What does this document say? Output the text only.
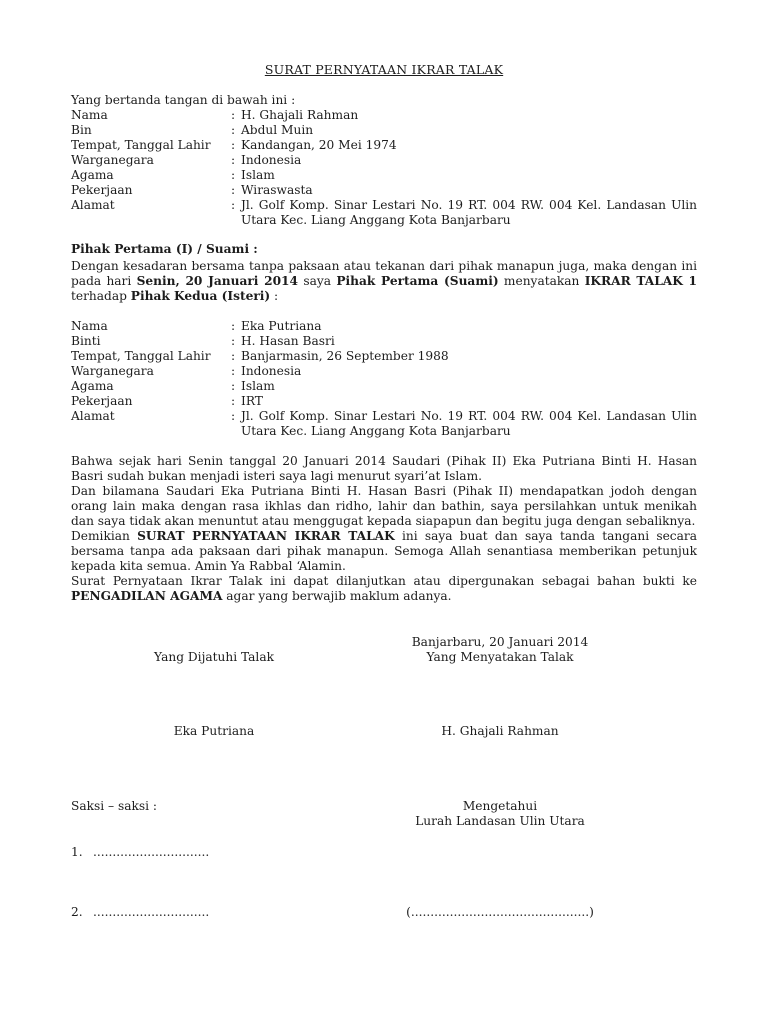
SURAT PERNYATAAN IKRAR TALAK
Yang bertanda tangan di bawah ini :
Nama	: H. Ghajali Rahman
Bin	: Abdul Muin
Tempat, Tanggal Lahir	: Kandangan, 20 Mei 1974
Warganegara	: Indonesia
Agama	: Islam
Pekerjaan	: Wiraswasta
Alamat	: Jl. Golf Komp. Sinar Lestari No. 19 RT. 004 RW. 004 Kel. Landasan Ulin Utara Kec. Liang Anggang Kota Banjarbaru
Pihak Pertama (I) / Suami :
Dengan kesadaran bersama tanpa paksaan atau tekanan dari pihak manapun juga, maka dengan ini pada hari Senin, 20 Januari 2014 saya Pihak Pertama (Suami) menyatakan IKRAR TALAK 1 terhadap Pihak Kedua (Isteri) :
Nama	: Eka Putriana
Binti	: H. Hasan Basri
Tempat, Tanggal Lahir	: Banjarmasin, 26 September 1988
Warganegara	: Indonesia
Agama	: Islam
Pekerjaan	: IRT
Alamat	: Jl. Golf Komp. Sinar Lestari No. 19 RT. 004 RW. 004 Kel. Landasan Ulin Utara Kec. Liang Anggang Kota Banjarbaru
Bahwa sejak hari Senin tanggal 20 Januari 2014 Saudari (Pihak II) Eka Putriana Binti H. Hasan Basri sudah bukan menjadi isteri saya lagi menurut syari’at Islam.
Dan bilamana Saudari Eka Putriana Binti H. Hasan Basri (Pihak II) mendapatkan jodoh dengan orang lain maka dengan rasa ikhlas dan ridho, lahir dan bathin, saya persilahkan untuk menikah dan saya tidak akan menuntut atau menggugat kepada siapapun dan begitu juga dengan sebaliknya.
Demikian SURAT PERNYATAAN IKRAR TALAK ini saya buat dan saya tanda tangani secara bersama tanpa ada paksaan dari pihak manapun. Semoga Allah senantiasa memberikan petunjuk kepada kita semua. Amin Ya Rabbal ‘Alamin.
Surat Pernyataan Ikrar Talak ini dapat dilanjutkan atau dipergunakan sebagai bahan bukti ke PENGADILAN AGAMA agar yang berwajib maklum adanya.
Banjarbaru, 20 Januari 2014
Yang Dijatuhi Talak	Yang Menyatakan Talak
Eka Putriana	H. Ghajali Rahman
Saksi – saksi :	Mengetahui
Lurah Landasan Ulin Utara
1. ..............................
2. ..............................	(..............................................)
